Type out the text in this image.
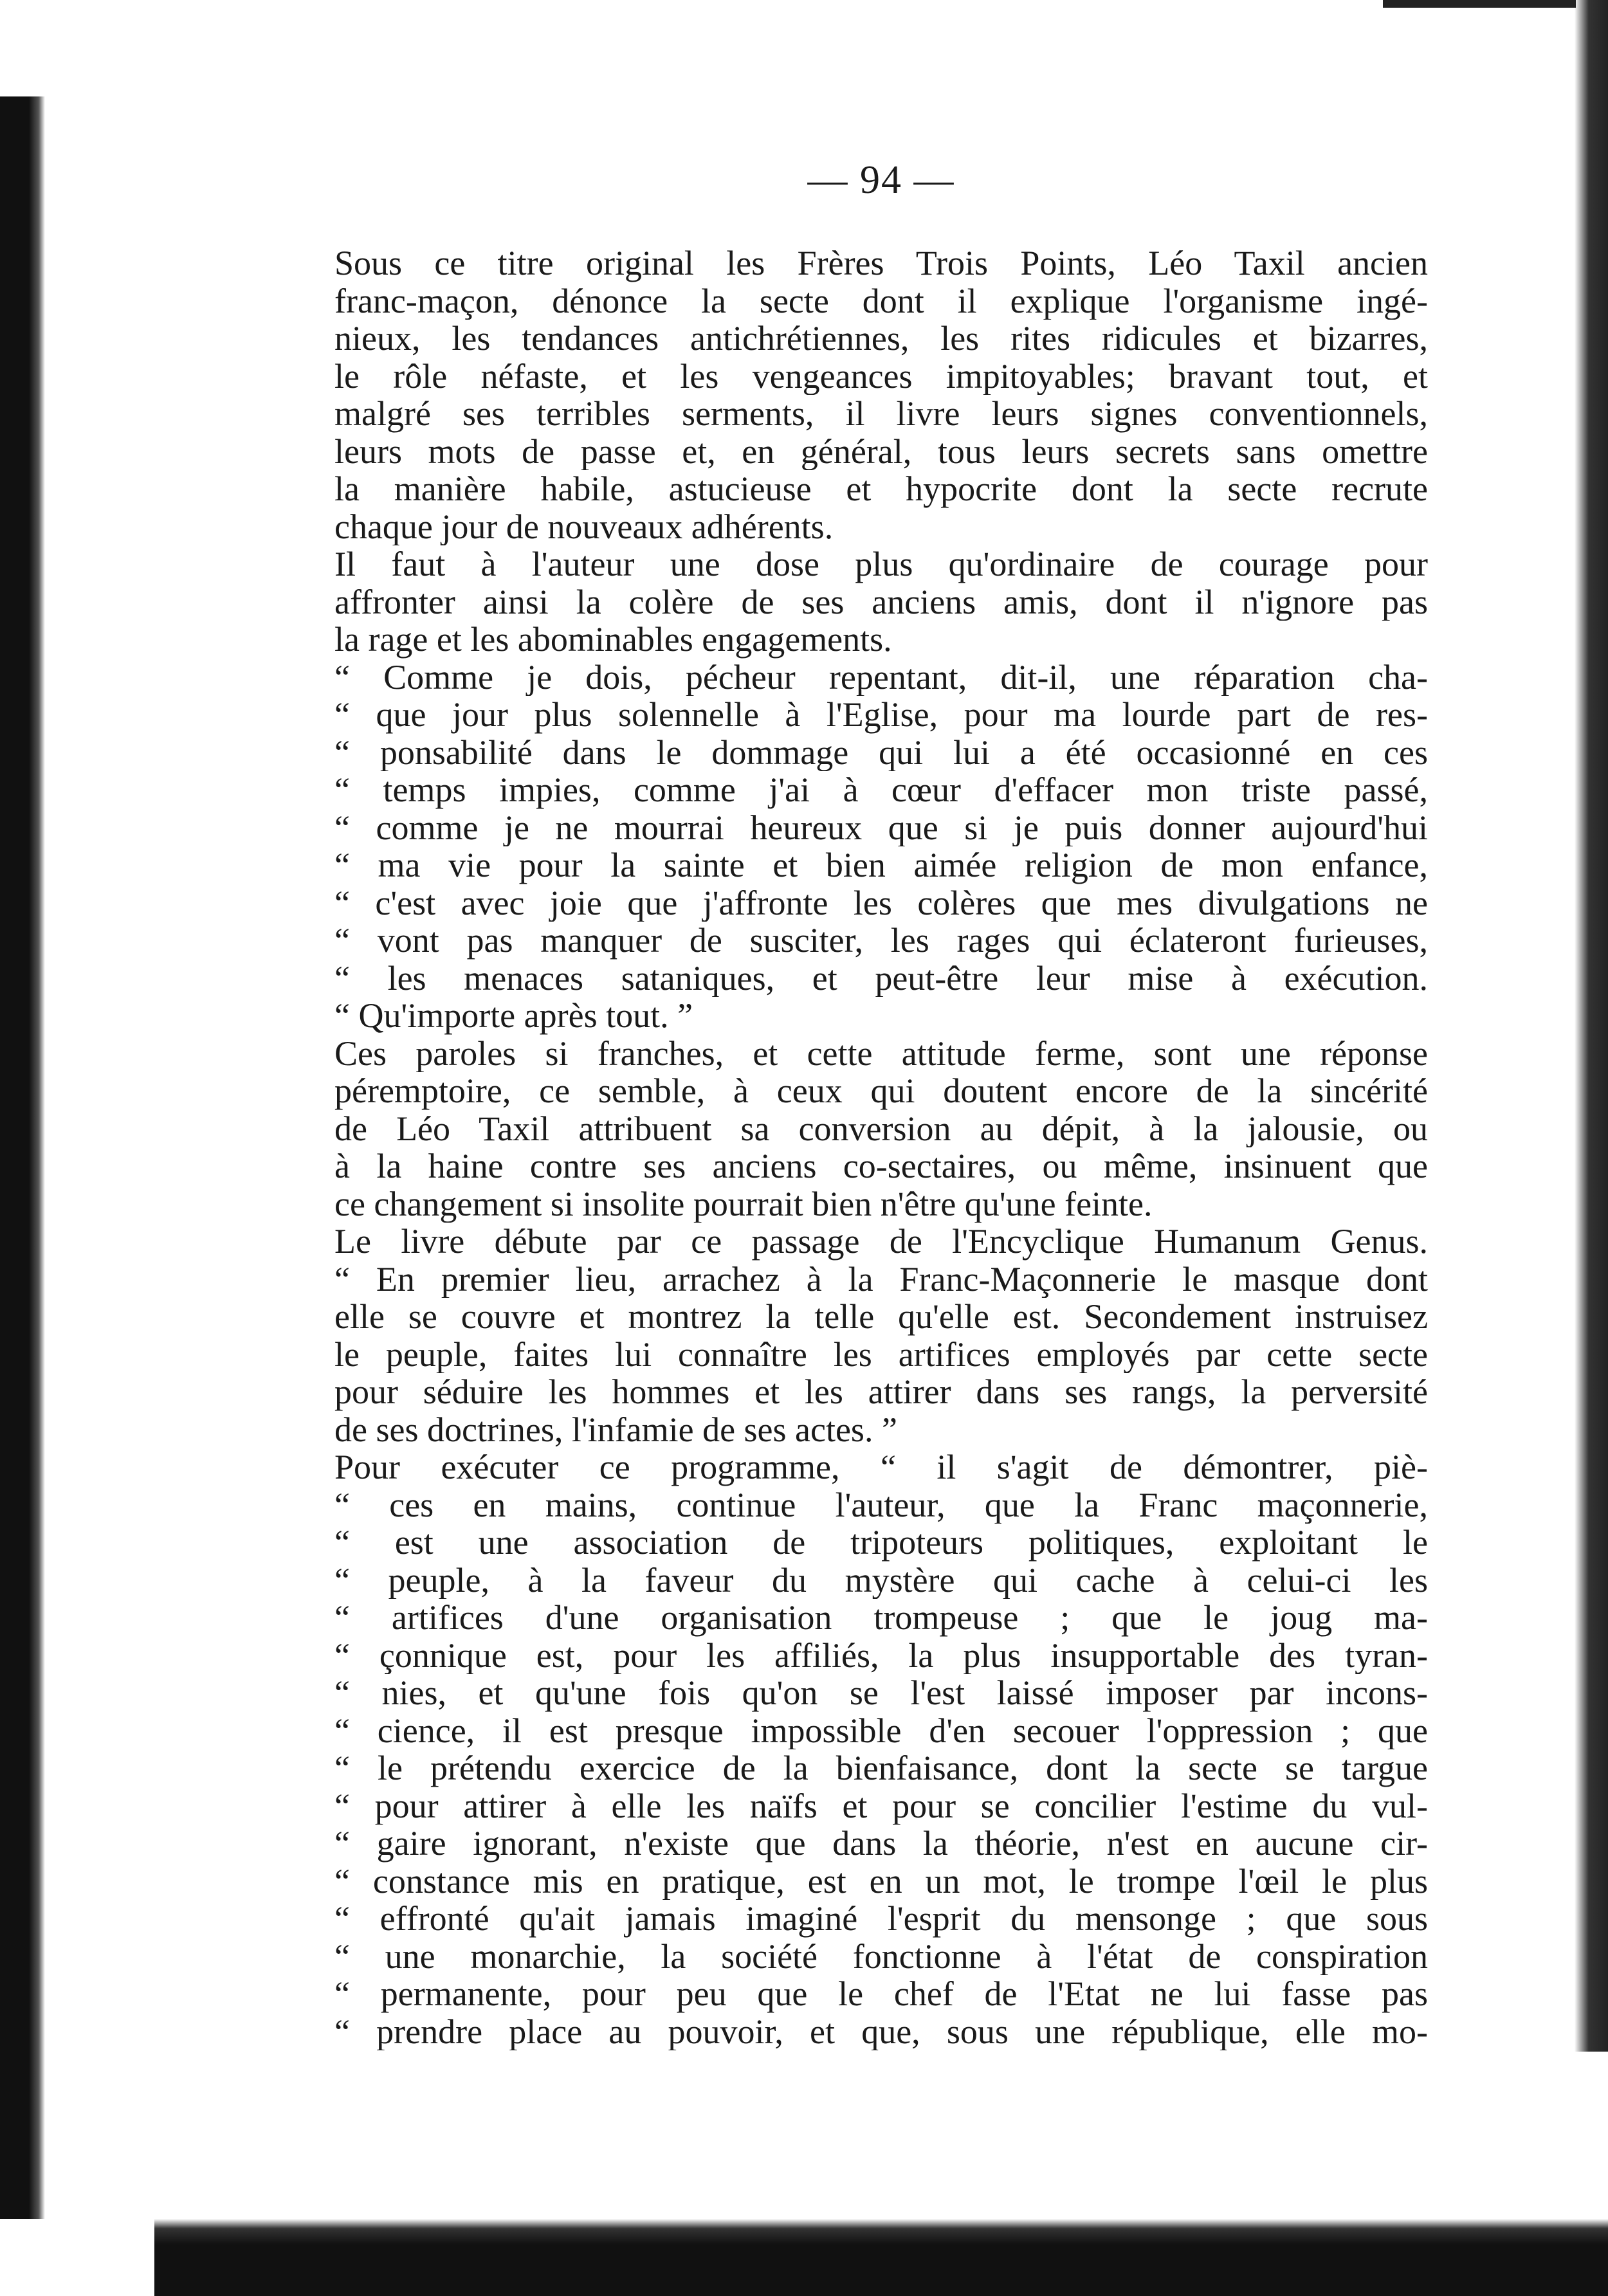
— 94 —
Sous ce titre original les Frères Trois Points, Léo Taxil ancien
franc-maçon, dénonce la secte dont il explique l'organisme ingé-
nieux, les tendances antichrétiennes, les rites ridicules et bizarres,
le rôle néfaste, et les vengeances impitoyables; bravant tout, et
malgré ses terribles serments, il livre leurs signes conventionnels,
leurs mots de passe et, en général, tous leurs secrets sans omettre
la manière habile, astucieuse et hypocrite dont la secte recrute
chaque jour de nouveaux adhérents.
Il faut à l'auteur une dose plus qu'ordinaire de courage pour
affronter ainsi la colère de ses anciens amis, dont il n'ignore pas
la rage et les abominables engagements.
“ Comme je dois, pécheur repentant, dit-il, une réparation cha-
“ que jour plus solennelle à l'Eglise, pour ma lourde part de res-
“ ponsabilité dans le dommage qui lui a été occasionné en ces
“ temps impies, comme j'ai à cœur d'effacer mon triste passé,
“ comme je ne mourrai heureux que si je puis donner aujourd'hui
“ ma vie pour la sainte et bien aimée religion de mon enfance,
“ c'est avec joie que j'affronte les colères que mes divulgations ne
“ vont pas manquer de susciter, les rages qui éclateront furieuses,
“ les menaces sataniques, et peut-être leur mise à exécution.
“ Qu'importe après tout. ”
Ces paroles si franches, et cette attitude ferme, sont une réponse
péremptoire, ce semble, à ceux qui doutent encore de la sincérité
de Léo Taxil attribuent sa conversion au dépit, à la jalousie, ou
à la haine contre ses anciens co-sectaires, ou même, insinuent que
ce changement si insolite pourrait bien n'être qu'une feinte.
Le livre débute par ce passage de l'Encyclique Humanum Genus.
“ En premier lieu, arrachez à la Franc-Maçonnerie le masque dont
elle se couvre et montrez la telle qu'elle est. Secondement instruisez
le peuple, faites lui connaître les artifices employés par cette secte
pour séduire les hommes et les attirer dans ses rangs, la perversité
de ses doctrines, l'infamie de ses actes. ”
Pour exécuter ce programme, “ il s'agit de démontrer, piè-
“ ces en mains, continue l'auteur, que la Franc maçonnerie,
“ est une association de tripoteurs politiques, exploitant le
“ peuple, à la faveur du mystère qui cache à celui-ci les
“ artifices d'une organisation trompeuse ; que le joug ma-
“ çonnique est, pour les affiliés, la plus insupportable des tyran-
“ nies, et qu'une fois qu'on se l'est laissé imposer par incons-
“ cience, il est presque impossible d'en secouer l'oppression ; que
“ le prétendu exercice de la bienfaisance, dont la secte se targue
“ pour attirer à elle les naïfs et pour se concilier l'estime du vul-
“ gaire ignorant, n'existe que dans la théorie, n'est en aucune cir-
“ constance mis en pratique, est en un mot, le trompe l'œil le plus
“ effronté qu'ait jamais imaginé l'esprit du mensonge ; que sous
“ une monarchie, la société fonctionne à l'état de conspiration
“ permanente, pour peu que le chef de l'Etat ne lui fasse pas
“ prendre place au pouvoir, et que, sous une république, elle mo-
